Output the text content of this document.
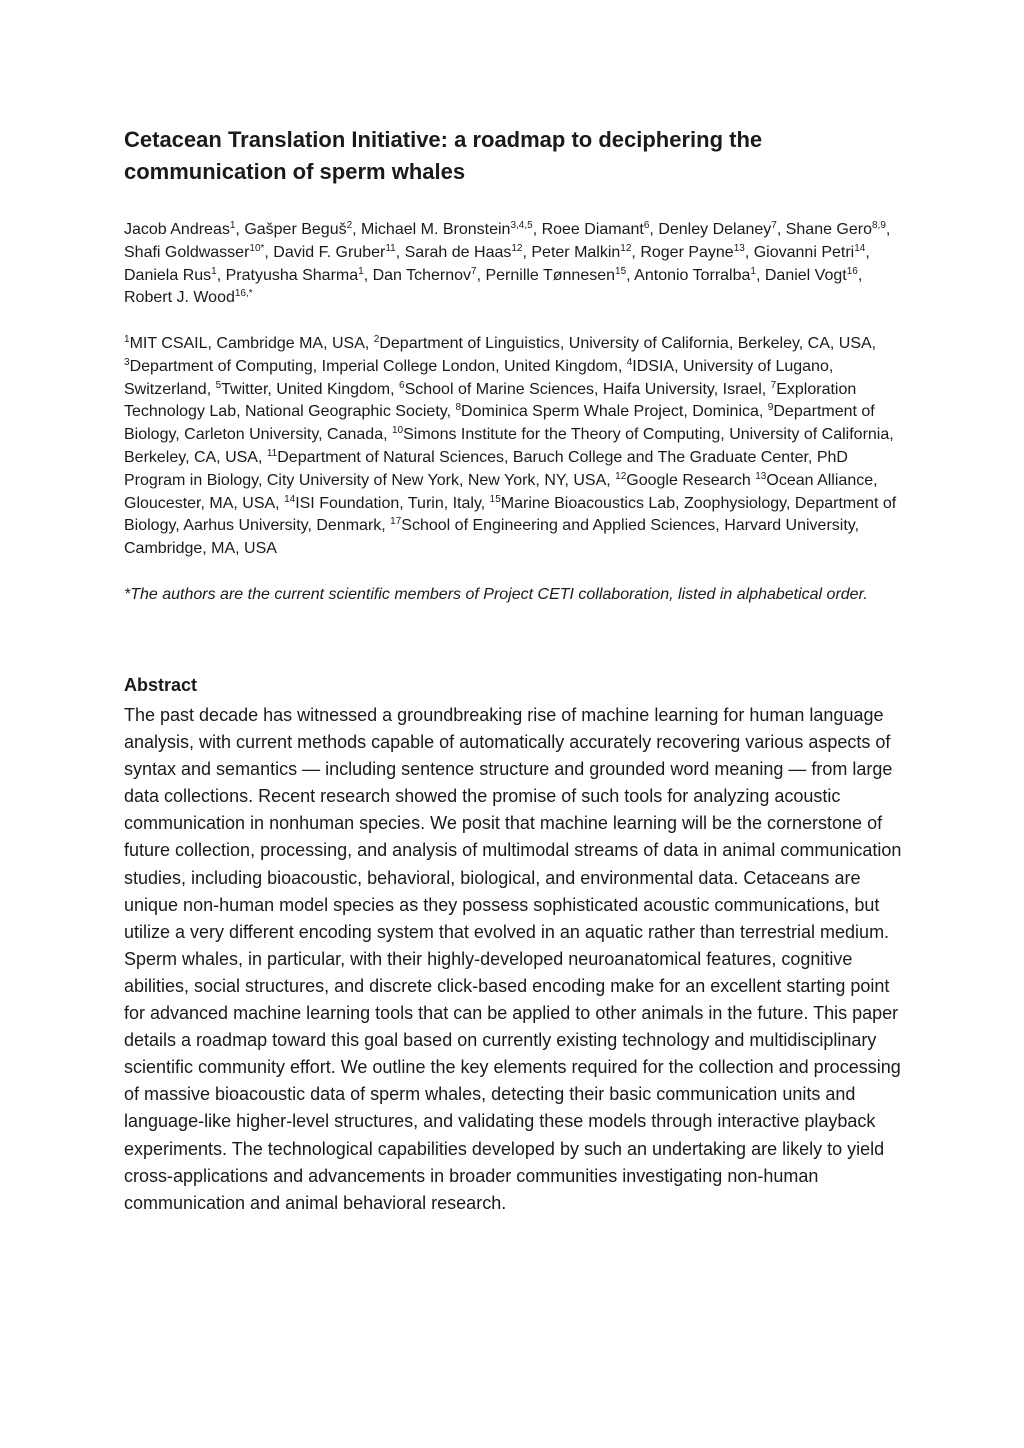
Cetacean Translation Initiative: a roadmap to deciphering the communication of sperm whales

Jacob Andreas$^1$, Gašper Beguš$^2$, Michael M. Bronstein$^{3,4,5}$, Roee Diamant$^6$, Denley Delaney$^7$, Shane Gero$^{8,9}$, Shafi Goldwasser$^{10*}$, David F. Gruber$^{11}$, Sarah de Haas$^{12}$, Peter Malkin$^{12}$, Roger Payne$^{13}$, Giovanni Petri$^{14}$, Daniela Rus$^1$, Pratyusha Sharma$^1$, Dan Tchernov$^7$, Pernille Tønnesen$^{15}$, Antonio Torralba$^1$, Daniel Vogt$^{16}$, Robert J. Wood$^{16,*}$

$^1$MIT CSAIL, Cambridge MA, USA, $^2$Department of Linguistics, University of California, Berkeley, CA, USA, $^3$Department of Computing, Imperial College London, United Kingdom, $^4$IDSIA, University of Lugano, Switzerland, $^5$Twitter, United Kingdom, $^6$School of Marine Sciences, Haifa University, Israel, $^7$Exploration Technology Lab, National Geographic Society, $^8$Dominica Sperm Whale Project, Dominica, $^9$Department of Biology, Carleton University, Canada, $^{10}$Simons Institute for the Theory of Computing, University of California, Berkeley, CA, USA, $^{11}$Department of Natural Sciences, Baruch College and The Graduate Center, PhD Program in Biology, City University of New York, New York, NY, USA, $^{12}$Google Research $^{13}$Ocean Alliance, Gloucester, MA, USA, $^{14}$ISI Foundation, Turin, Italy, $^{15}$Marine Bioacoustics Lab, Zoophysiology, Department of Biology, Aarhus University, Denmark, $^{17}$School of Engineering and Applied Sciences, Harvard University, Cambridge, MA, USA

*The authors are the current scientific members of Project CETI collaboration, listed in alphabetical order.

Abstract

The past decade has witnessed a groundbreaking rise of machine learning for human language analysis, with current methods capable of automatically accurately recovering various aspects of syntax and semantics — including sentence structure and grounded word meaning — from large data collections. Recent research showed the promise of such tools for analyzing acoustic communication in nonhuman species. We posit that machine learning will be the cornerstone of future collection, processing, and analysis of multimodal streams of data in animal communication studies, including bioacoustic, behavioral, biological, and environmental data. Cetaceans are unique non-human model species as they possess sophisticated acoustic communications, but utilize a very different encoding system that evolved in an aquatic rather than terrestrial medium. Sperm whales, in particular, with their highly-developed neuroanatomical features, cognitive abilities, social structures, and discrete click-based encoding make for an excellent starting point for advanced machine learning tools that can be applied to other animals in the future. This paper details a roadmap toward this goal based on currently existing technology and multidisciplinary scientific community effort. We outline the key elements required for the collection and processing of massive bioacoustic data of sperm whales, detecting their basic communication units and language-like higher-level structures, and validating these models through interactive playback experiments. The technological capabilities developed by such an undertaking are likely to yield cross-applications and advancements in broader communities investigating non-human communication and animal behavioral research.
